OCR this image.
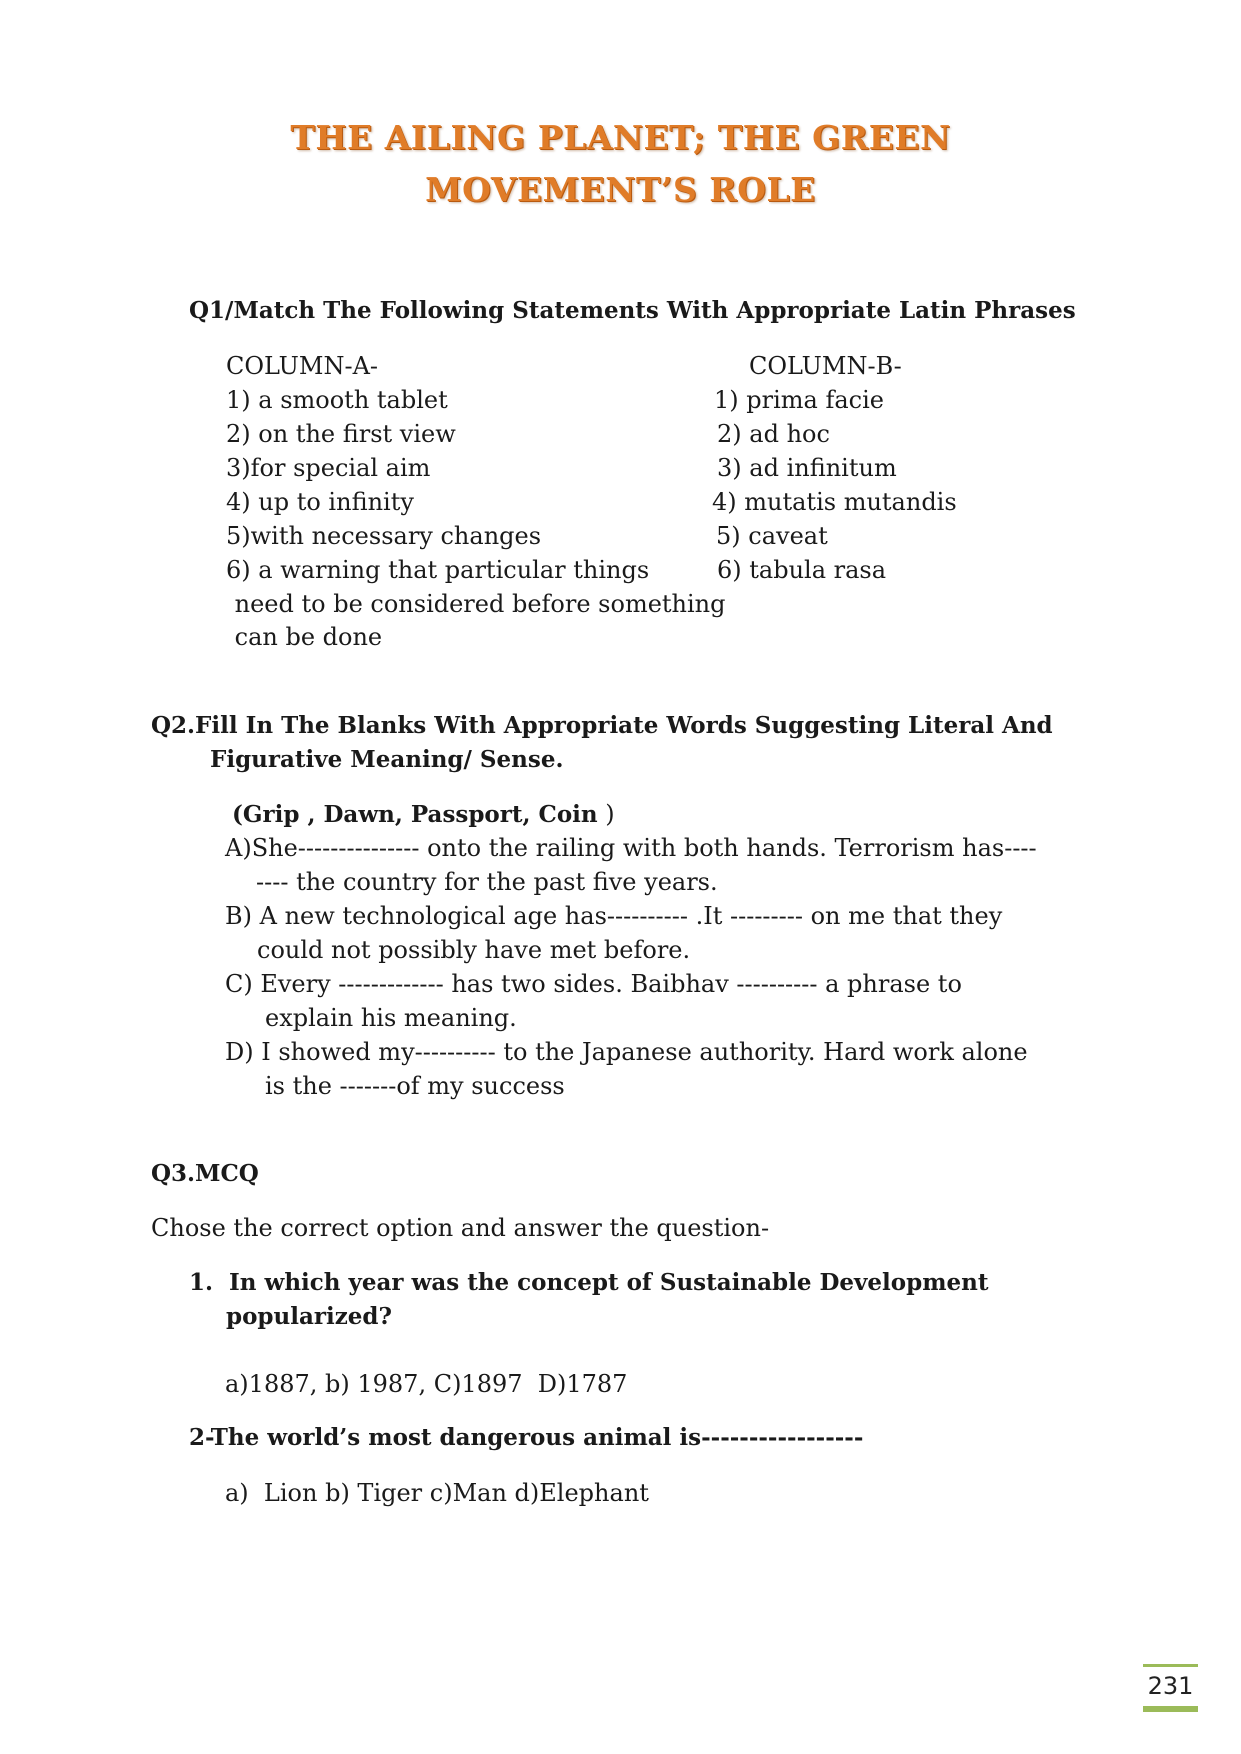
THE AILING PLANET; THE GREEN
MOVEMENT’S ROLE
Q1/Match The Following Statements With Appropriate Latin Phrases
COLUMN-A-	COLUMN-B-
1) a smooth tablet
2) on the first view
3)for special aim
4) up to infinity
5)with necessary changes
6) a warning that particular things
need to be considered before something
can be done
1) prima facie
2) ad hoc
3) ad infinitum
4) mutatis mutandis
5) caveat
6) tabula rasa
Q2.Fill In The Blanks With Appropriate Words Suggesting Literal And
Figurative Meaning/ Sense.
(Grip , Dawn, Passport, Coin )
A)She--------------- onto the railing with both hands. Terrorism has----
---- the country for the past five years.
B) A new technological age has---------- .It --------- on me that they
could not possibly have met before.
C) Every ------------- has two sides. Baibhav ---------- a phrase to
explain his meaning.
D) I showed my---------- to the Japanese authority. Hard work alone
is the -------of my success
Q3.MCQ
Chose the correct option and answer the question-
1.  In which year was the concept of Sustainable Development
popularized?
a)1887, b) 1987, C)1897  D)1787
2-The world’s most dangerous animal is-----------------
a)  Lion b) Tiger c)Man d)Elephant
231
